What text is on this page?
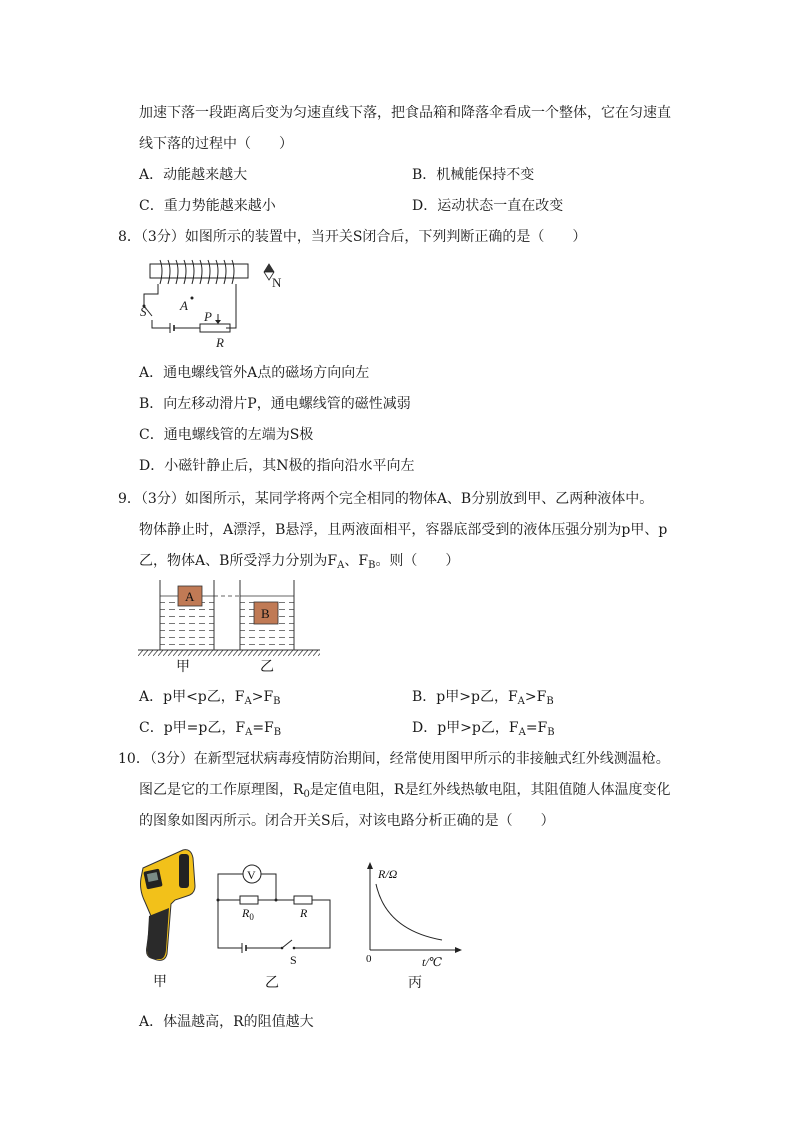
加速下落一段距离后变为匀速直线下落，把食品箱和降落伞看成一个整体，它在匀速直
线下落的过程中（　　）
A．动能越来越大	B．机械能保持不变
C．重力势能越来越小	D．运动状态一直在改变
8．（3分）如图所示的装置中，当开关S闭合后，下列判断正确的是（　　）
N
S	A
P
R
A．通电螺线管外A点的磁场方向向左
B．向左移动滑片P，通电螺线管的磁性减弱
C．通电螺线管的左端为S极
D．小磁针静止后，其N极的指向沿水平向左
9．（3分）如图所示，某同学将两个完全相同的物体A、B分别放到甲、乙两种液体中。
物体静止时，A漂浮，B悬浮，且两液面相平，容器底部受到的液体压强分别为p甲、p
乙，物体A、B所受浮力分别为$F_A$、$F_B$。则（　　）
A
B
甲	乙
A．p甲<p乙，$F_A>F_B$	B．p甲>p乙，$F_A>F_B$
C．p甲=p乙，$F_A=F_B$	D．p甲>p乙，$F_A=F_B$
10．（3分）在新型冠状病毒疫情防治期间，经常使用图甲所示的非接触式红外线测温枪。
图乙是它的工作原理图，$R_0$是定值电阻，R是红外线热敏电阻，其阻值随人体温度变化
的图象如图丙所示。闭合开关S后，对该电路分析正确的是（　　）
甲
V
$R_0$	R
S
乙
R/Ω
t/℃
0
丙
A．体温越高，R的阻值越大
